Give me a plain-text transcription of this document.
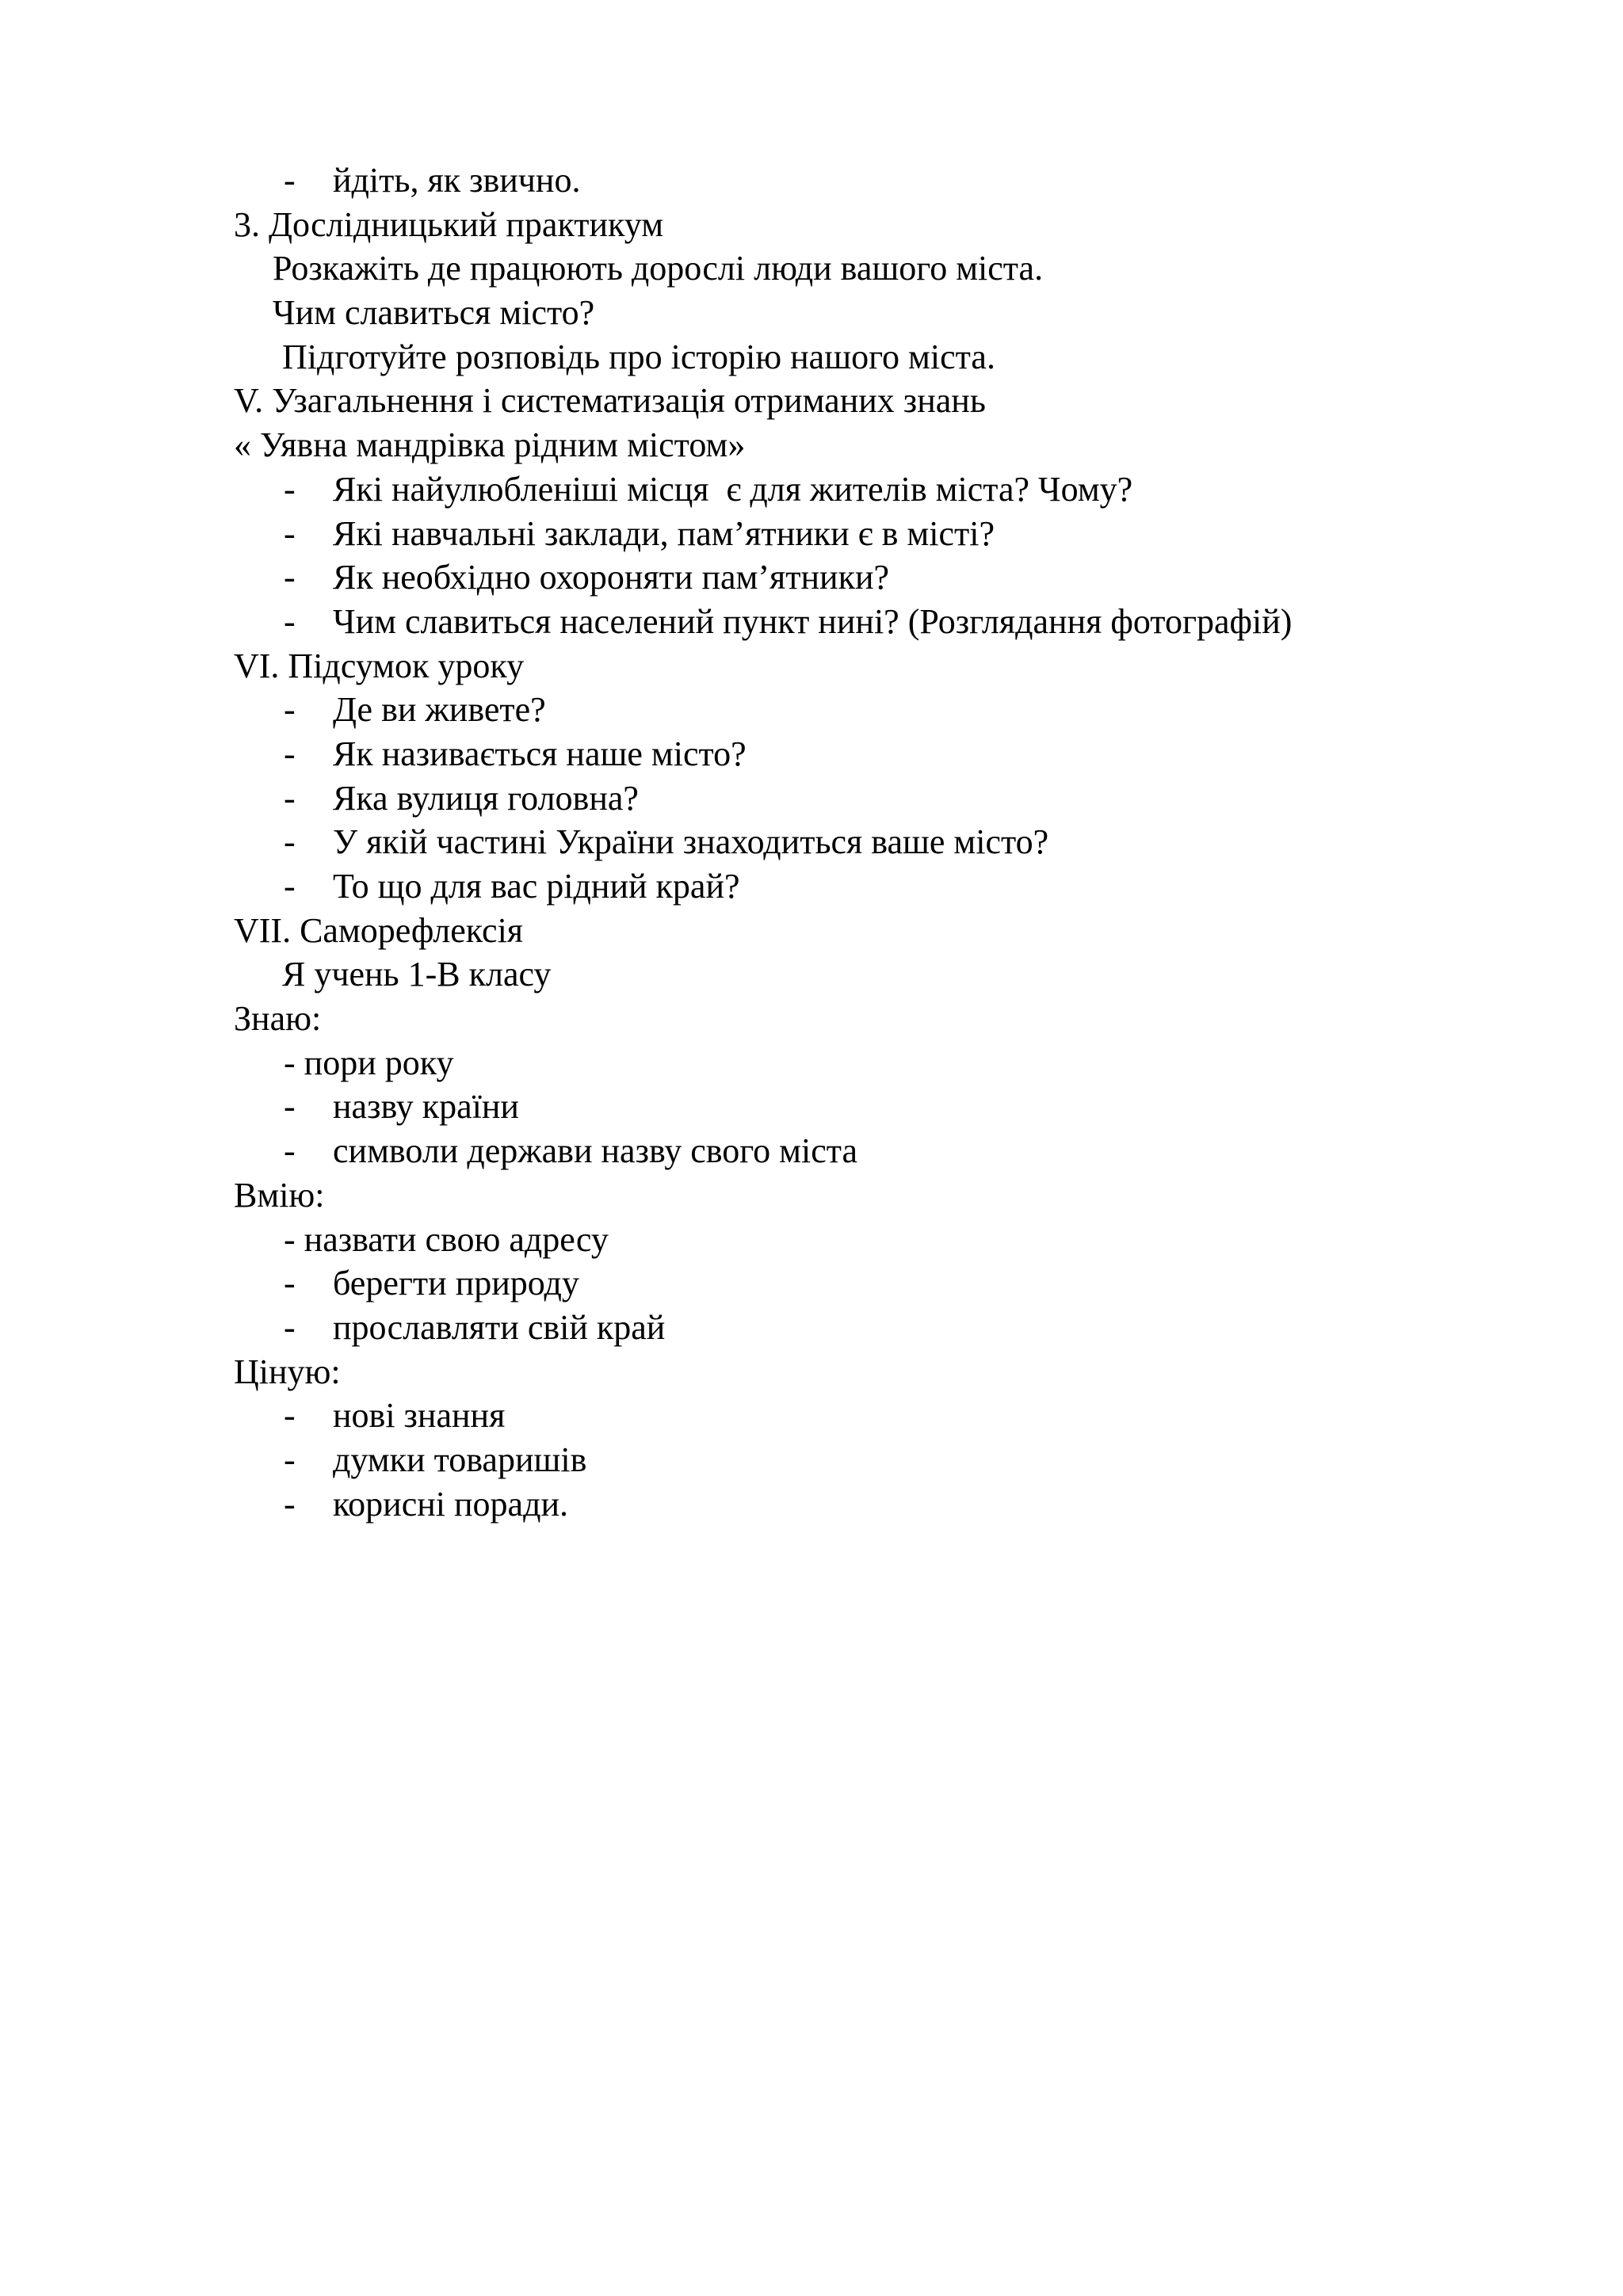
-

йдіть, як звично.

3. Дослідницький практикум

Розкажіть де працюють дорослі люди вашого міста.

Чим славиться місто?

Підготуйте розповідь про історію нашого міста.

V. Узагальнення і систематизація отриманих знань

« Уявна мандрівка рідним містом»

-

Які найулюбленіші місця  є для жителів міста? Чому?

-

Які навчальні заклади, пам’ятники є в місті?

-

Як необхідно охороняти пам’ятники?

-

Чим славиться населений пункт нині? (Розглядання фотографій)

VI. Підсумок уроку

-

Де ви живете?

-

Як називається наше місто?

-

Яка вулиця головна?

-

У якій частині України знаходиться ваше місто?

-

То що для вас рідний край?

VII. Саморефлексія

Я учень 1-В класу

Знаю:

- пори року

-

назву країни

-

символи держави назву свого міста

Вмію:

- назвати свою адресу

-

берегти природу

-

прославляти свій край

Ціную:

-

нові знання

-

думки товаришів

-

корисні поради.
